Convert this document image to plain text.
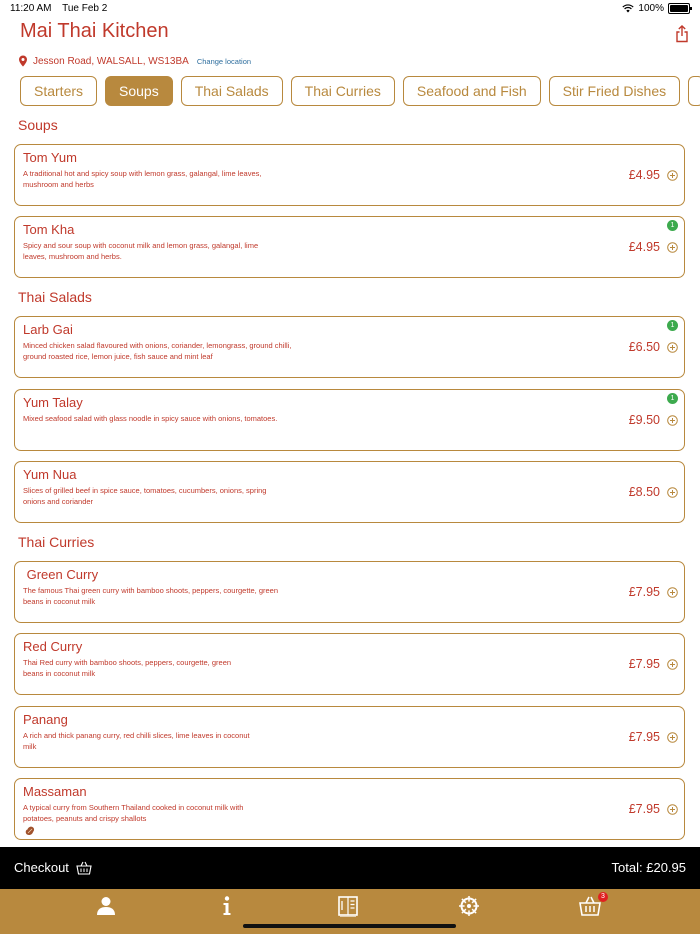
11:20 AM Tue Feb 2	100%
Mai Thai Kitchen
Jesson Road, WALSALL, WS13BA Change location
Starters	Soups	Thai Salads	Thai Curries	Seafood and Fish	Stir Fried Dishes
Soups
Tom Yum
A traditional hot and spicy soup with lemon grass, galangal, lime leaves, mushroom and herbs
£4.95
1
Tom Kha
Spicy and sour soup with coconut milk and lemon grass, galangal, lime leaves, mushroom and herbs.
£4.95
Thai Salads
1
Larb Gai
Minced chicken salad flavoured with onions, coriander, lemongrass, ground chilli, ground roasted rice, lemon juice, fish sauce and mint leaf
£6.50
1
Yum Talay
Mixed seafood salad with glass noodle in spicy sauce with onions, tomatoes.	£9.50
Yum Nua
Slices of grilled beef in spice sauce, tomatoes, cucumbers, onions, spring onions and coriander
£8.50
Thai Curries
Green Curry
The famous Thai green curry with bamboo shoots, peppers, courgette, green beans in coconut milk
£7.95
Red Curry
Thai Red curry with bamboo shoots, peppers, courgette, green beans in coconut milk
£7.95
Panang
A rich and thick panang curry, red chilli slices, lime leaves in coconut milk
£7.95
Massaman
A typical curry from Southern Thailand cooked in coconut milk with potatoes, peanuts and crispy shallots
£7.95
Checkout	Total: £20.95
3
